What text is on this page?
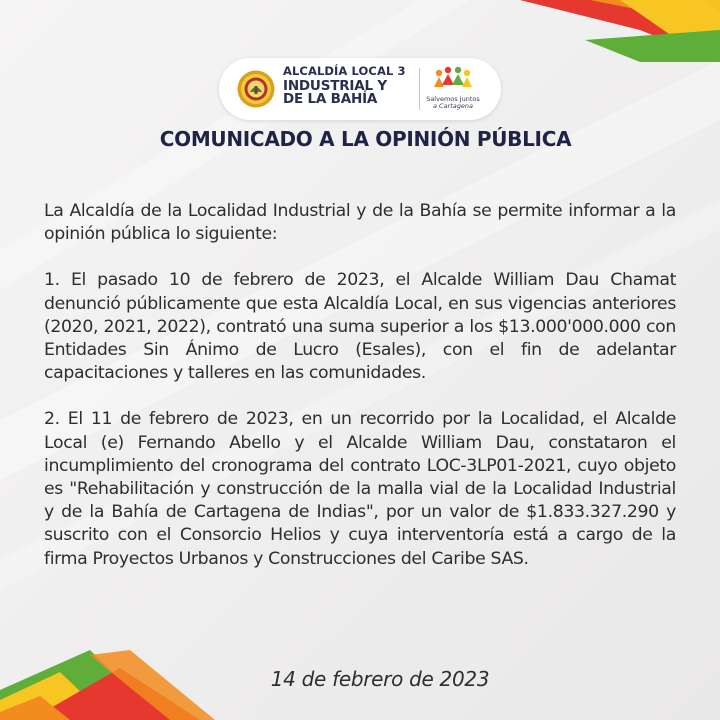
ALCALDÍA LOCAL 3
INDUSTRIAL Y
DE LA BAHÍA	Salvemos Juntos
a Cartagena
COMUNICADO A LA OPINIÓN PÚBLICA

La Alcaldía de la Localidad Industrial y de la Bahía se permite informar a la opinión pública lo siguiente:

1. El pasado 10 de febrero de 2023, el Alcalde William Dau Chamat denunció públicamente que esta Alcaldía Local, en sus vigencias anteriores (2020, 2021, 2022), contrató una suma superior a los $13.000'000.000 con Entidades Sin Ánimo de Lucro (Esales), con el fin de adelantar capacitaciones y talleres en las comunidades.

2. El 11 de febrero de 2023, en un recorrido por la Localidad, el Alcalde Local (e) Fernando Abello y el Alcalde William Dau, constataron el incumplimiento del cronograma del contrato LOC-3LP01-2021, cuyo objeto es "Rehabilitación y construcción de la malla vial de la Localidad Industrial y de la Bahía de Cartagena de Indias", por un valor de $1.833.327.290 y suscrito con el Consorcio Helios y cuya interventoría está a cargo de la firma Proyectos Urbanos y Construcciones del Caribe SAS.

14 de febrero de 2023
